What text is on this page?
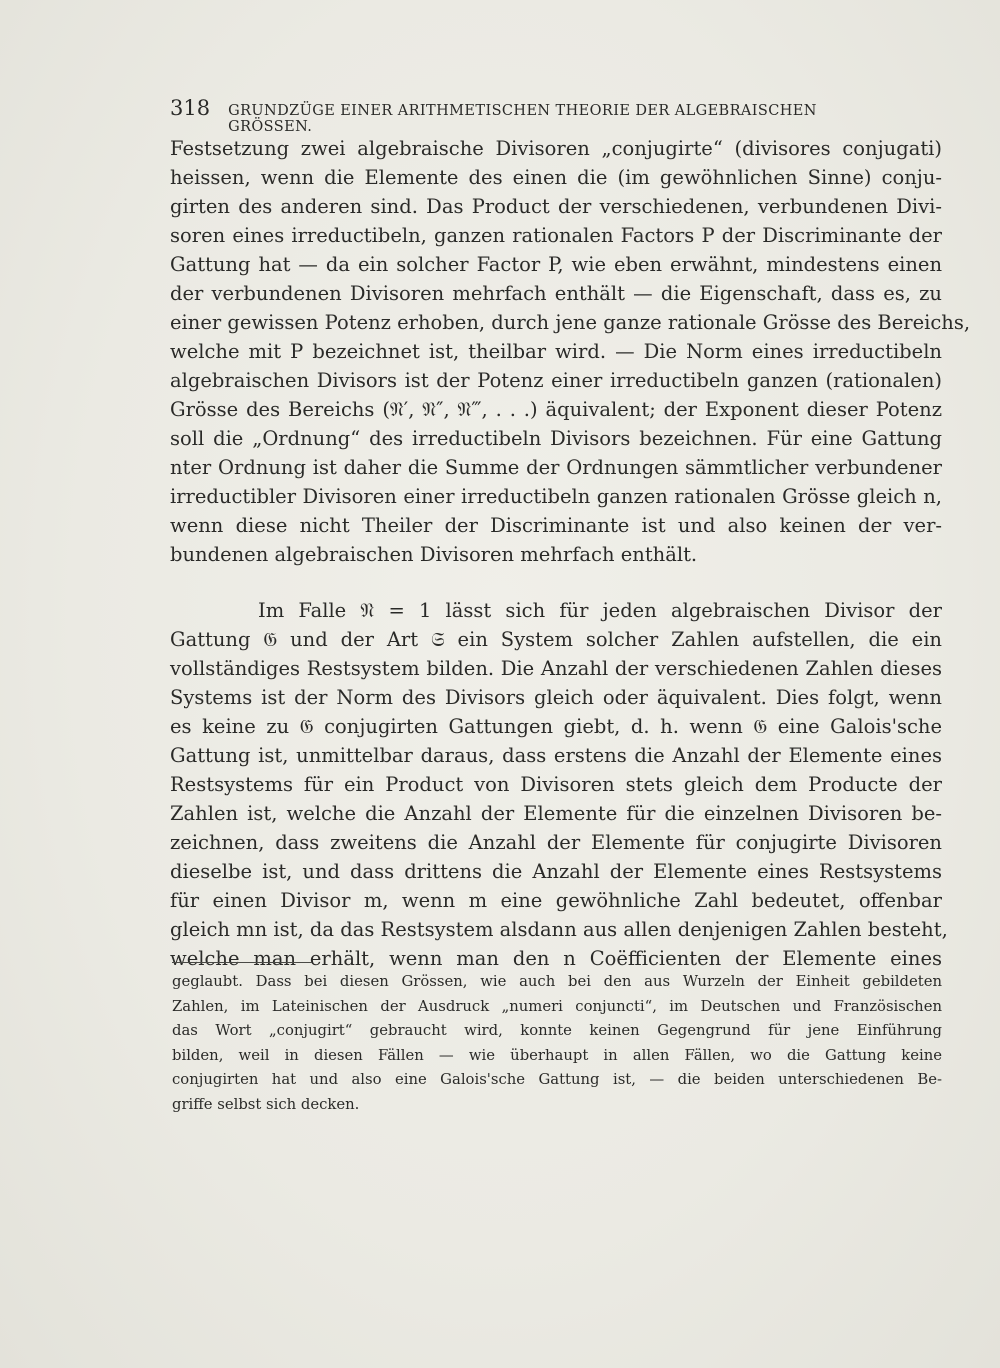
318 GRUNDZÜGE EINER ARITHMETISCHEN THEORIE DER ALGEBRAISCHEN GRÖSSEN.
Festsetzung zwei algebraische Divisoren „conjugirte“ (divisores conjugati)
heissen, wenn die Elemente des einen die (im gewöhnlichen Sinne) conju-
girten des anderen sind. Das Product der verschiedenen, verbundenen Divi-
soren eines irreductibeln, ganzen rationalen Factors P der Discriminante der
Gattung hat — da ein solcher Factor P, wie eben erwähnt, mindestens einen
der verbundenen Divisoren mehrfach enthält — die Eigenschaft, dass es, zu
einer gewissen Potenz erhoben, durch jene ganze rationale Grösse des Bereichs,
welche mit P bezeichnet ist, theilbar wird. — Die Norm eines irreductibeln
algebraischen Divisors ist der Potenz einer irreductibeln ganzen (rationalen)
Grösse des Bereichs (𝔑′, 𝔑″, 𝔑‴, . . .) äquivalent; der Exponent dieser Potenz
soll die „Ordnung“ des irreductibeln Divisors bezeichnen. Für eine Gattung
nter Ordnung ist daher die Summe der Ordnungen sämmtlicher verbundener
irreductibler Divisoren einer irreductibeln ganzen rationalen Grösse gleich n,
wenn diese nicht Theiler der Discriminante ist und also keinen der ver-
bundenen algebraischen Divisoren mehrfach enthält.
Im Falle 𝔑 = 1 lässt sich für jeden algebraischen Divisor der
Gattung 𝔊 und der Art 𝔖 ein System solcher Zahlen aufstellen, die ein
vollständiges Restsystem bilden. Die Anzahl der verschiedenen Zahlen dieses
Systems ist der Norm des Divisors gleich oder äquivalent. Dies folgt, wenn
es keine zu 𝔊 conjugirten Gattungen giebt, d. h. wenn 𝔊 eine Galois'sche
Gattung ist, unmittelbar daraus, dass erstens die Anzahl der Elemente eines
Restsystems für ein Product von Divisoren stets gleich dem Producte der
Zahlen ist, welche die Anzahl der Elemente für die einzelnen Divisoren be-
zeichnen, dass zweitens die Anzahl der Elemente für conjugirte Divisoren
dieselbe ist, und dass drittens die Anzahl der Elemente eines Restsystems
für einen Divisor m, wenn m eine gewöhnliche Zahl bedeutet, offenbar
gleich mn ist, da das Restsystem alsdann aus allen denjenigen Zahlen besteht,
welche man erhält, wenn man den n Coëfficienten der Elemente eines
geglaubt. Dass bei diesen Grössen, wie auch bei den aus Wurzeln der Einheit gebildeten
Zahlen, im Lateinischen der Ausdruck „numeri conjuncti“, im Deutschen und Französischen
das Wort „conjugirt“ gebraucht wird, konnte keinen Gegengrund für jene Einführung
bilden, weil in diesen Fällen — wie überhaupt in allen Fällen, wo die Gattung keine
conjugirten hat und also eine Galois'sche Gattung ist, — die beiden unterschiedenen Be-
griffe selbst sich decken.
